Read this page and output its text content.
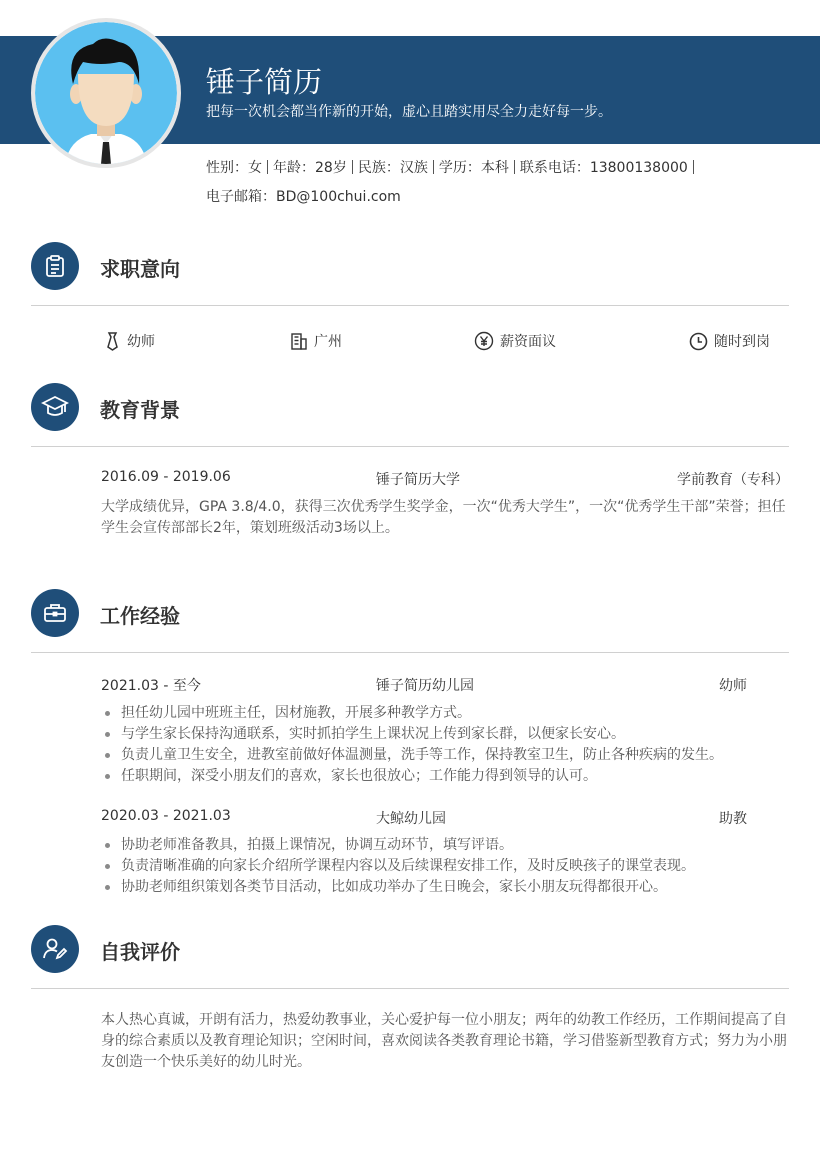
锤子简历
把每一次机会都当作新的开始，虚心且踏实用尽全力走好每一步。
性别：女 年龄：28岁 民族：汉族 学历：本科 联系电话：13800138000
电子邮箱：BD@100chui.com
求职意向
幼师	广州	薪资面议	随时到岗
教育背景
2016.09 - 2019.06	锤子简历大学	学前教育（专科）
大学成绩优异，GPA 3.8/4.0，获得三次优秀学生奖学金，一次“优秀大学生”，一次“优秀学生干部”荣誉；担任学生会宣传部部长2年，策划班级活动3场以上。
工作经验
2021.03 - 至今	锤子简历幼儿园	幼师
担任幼儿园中班班主任，因材施教，开展多种教学方式。
与学生家长保持沟通联系，实时抓拍学生上课状况上传到家长群，以便家长安心。
负责儿童卫生安全，进教室前做好体温测量，洗手等工作，保持教室卫生，防止各种疾病的发生。
任职期间，深受小朋友们的喜欢，家长也很放心；工作能力得到领导的认可。
2020.03 - 2021.03	大鲸幼儿园	助教
协助老师准备教具，拍摄上课情况，协调互动环节，填写评语。
负责清晰准确的向家长介绍所学课程内容以及后续课程安排工作，及时反映孩子的课堂表现。
协助老师组织策划各类节目活动，比如成功举办了生日晚会，家长小朋友玩得都很开心。
自我评价
本人热心真诚，开朗有活力，热爱幼教事业，关心爱护每一位小朋友；两年的幼教工作经历，工作期间提高了自身的综合素质以及教育理论知识；空闲时间，喜欢阅读各类教育理论书籍，学习借鉴新型教育方式；努力为小朋友创造一个快乐美好的幼儿时光。
